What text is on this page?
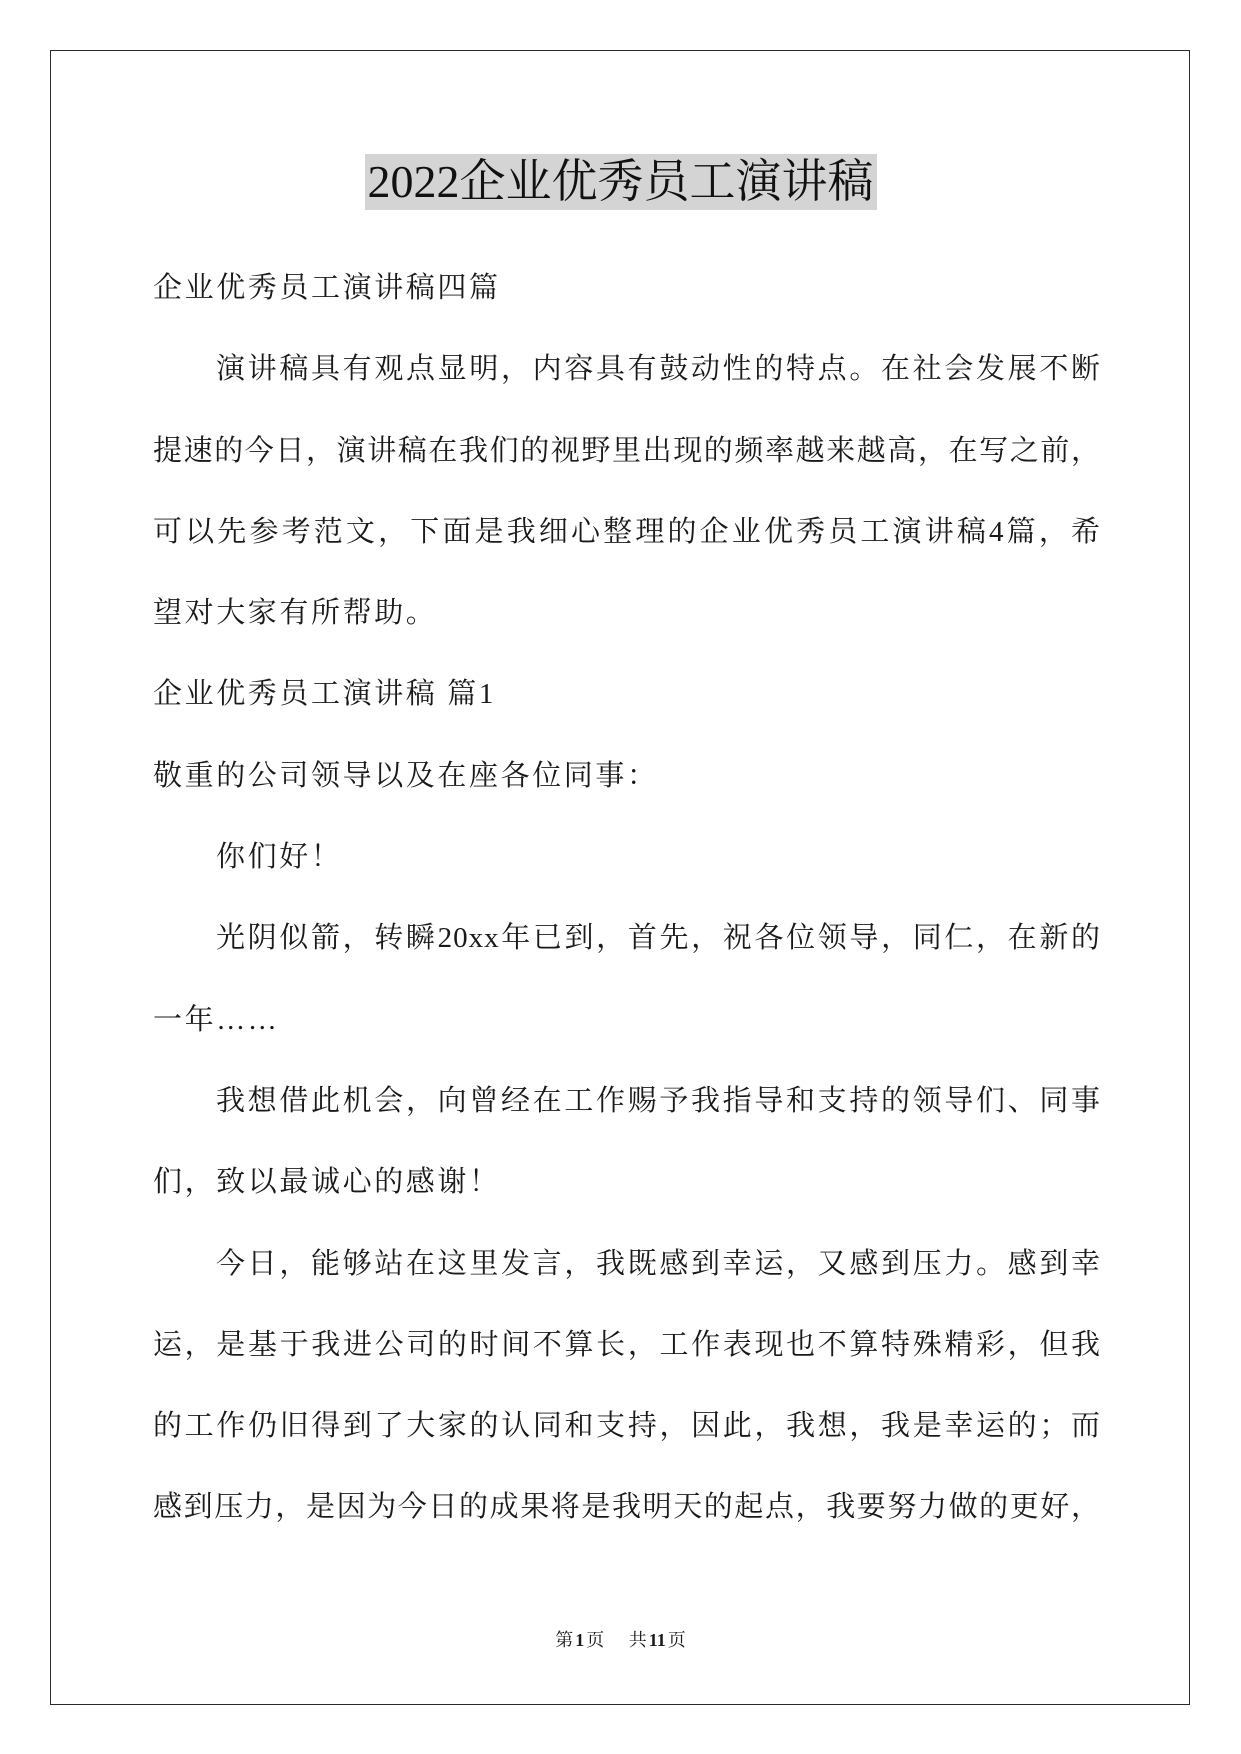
2022企业优秀员工演讲稿
企业优秀员工演讲稿四篇
演讲稿具有观点显明，内容具有鼓动性的特点。在社会发展不断
提速的今日，演讲稿在我们的视野里出现的频率越来越高，在写之前，
可以先参考范文，下面是我细心整理的企业优秀员工演讲稿4篇，希
望对大家有所帮助。
企业优秀员工演讲稿 篇1
敬重的公司领导以及在座各位同事：
你们好！
光阴似箭，转瞬20xx年已到，首先，祝各位领导，同仁，在新的
一年……
我想借此机会，向曾经在工作赐予我指导和支持的领导们、同事
们，致以最诚心的感谢！
今日，能够站在这里发言，我既感到幸运，又感到压力。感到幸
运，是基于我进公司的时间不算长，工作表现也不算特殊精彩，但我
的工作仍旧得到了大家的认同和支持，因此，我想，我是幸运的；而
感到压力，是因为今日的成果将是我明天的起点，我要努力做的更好，
第 1 页 共 11 页
